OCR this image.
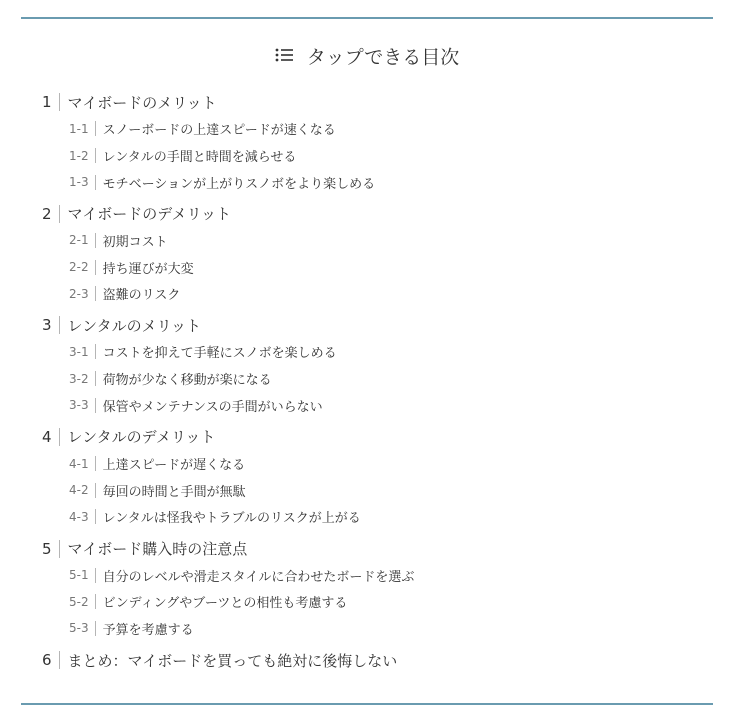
タップできる目次
1 マイボードのメリット
1-1 スノーボードの上達スピードが速くなる
1-2 レンタルの手間と時間を減らせる
1-3 モチベーションが上がりスノボをより楽しめる
2 マイボードのデメリット
2-1 初期コスト
2-2 持ち運びが大変
2-3 盗難のリスク
3 レンタルのメリット
3-1 コストを抑えて手軽にスノボを楽しめる
3-2 荷物が少なく移動が楽になる
3-3 保管やメンテナンスの手間がいらない
4 レンタルのデメリット
4-1 上達スピードが遅くなる
4-2 毎回の時間と手間が無駄
4-3 レンタルは怪我やトラブルのリスクが上がる
5 マイボード購入時の注意点
5-1 自分のレベルや滑走スタイルに合わせたボードを選ぶ
5-2 ビンディングやブーツとの相性も考慮する
5-3 予算を考慮する
6 まとめ：マイボードを買っても絶対に後悔しない
